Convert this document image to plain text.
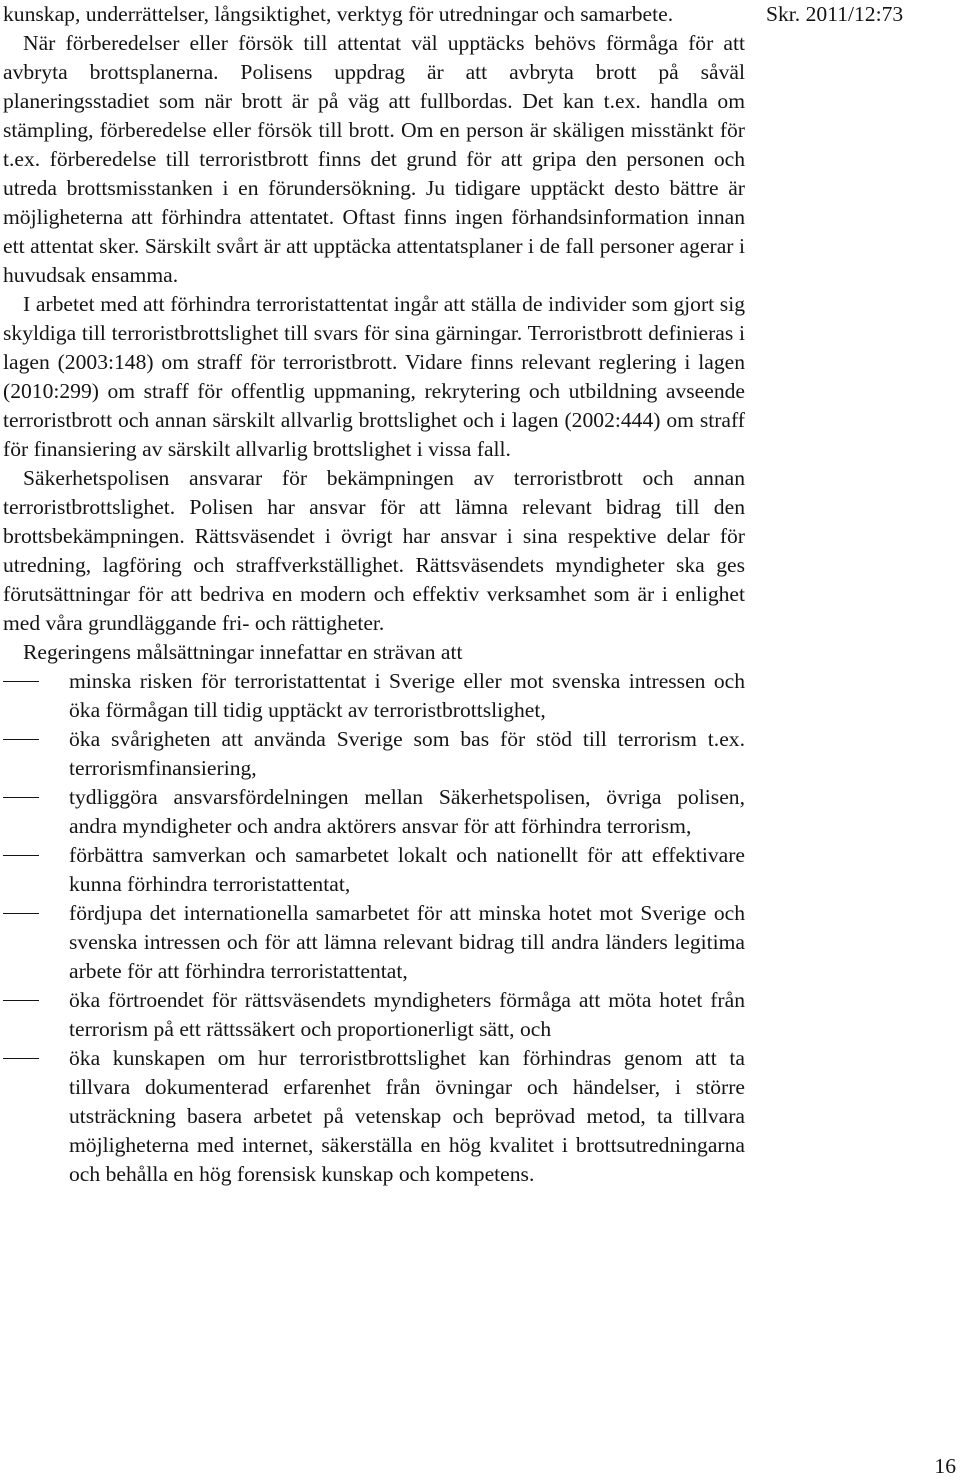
Skr. 2011/12:73

kunskap, underrättelser, långsiktighet, verktyg för utredningar och samarbete.

När förberedelser eller försök till attentat väl upptäcks behövs förmåga för att avbryta brottsplanerna. Polisens uppdrag är att avbryta brott på såväl planeringsstadiet som när brott är på väg att fullbordas. Det kan t.ex. handla om stämpling, förberedelse eller försök till brott. Om en person är skäligen misstänkt för t.ex. förberedelse till terroristbrott finns det grund för att gripa den personen och utreda brottsmisstanken i en förundersökning. Ju tidigare upptäckt desto bättre är möjligheterna att förhindra attentatet. Oftast finns ingen förhandsinformation innan ett attentat sker. Särskilt svårt är att upptäcka attentatsplaner i de fall personer agerar i huvudsak ensamma.

I arbetet med att förhindra terroristattentat ingår att ställa de individer som gjort sig skyldiga till terroristbrottslighet till svars för sina gärningar. Terroristbrott definieras i lagen (2003:148) om straff för terroristbrott. Vidare finns relevant reglering i lagen (2010:299) om straff för offentlig uppmaning, rekrytering och utbildning avseende terroristbrott och annan särskilt allvarlig brottslighet och i lagen (2002:444) om straff för finansiering av särskilt allvarlig brottslighet i vissa fall.

Säkerhetspolisen ansvarar för bekämpningen av terroristbrott och annan terroristbrottslighet. Polisen har ansvar för att lämna relevant bidrag till den brottsbekämpningen. Rättsväsendet i övrigt har ansvar i sina respektive delar för utredning, lagföring och straffverkställighet. Rättsväsendets myndigheter ska ges förutsättningar för att bedriva en modern och effektiv verksamhet som är i enlighet med våra grundläggande fri- och rättigheter.

Regeringens målsättningar innefattar en strävan att

minska risken för terroristattentat i Sverige eller mot svenska intressen och öka förmågan till tidig upptäckt av terroristbrottslighet,
öka svårigheten att använda Sverige som bas för stöd till terrorism t.ex. terrorismfinansiering,
tydliggöra ansvarsfördelningen mellan Säkerhetspolisen, övriga polisen, andra myndigheter och andra aktörers ansvar för att förhindra terrorism,
förbättra samverkan och samarbetet lokalt och nationellt för att effektivare kunna förhindra terroristattentat,
fördjupa det internationella samarbetet för att minska hotet mot Sverige och svenska intressen och för att lämna relevant bidrag till andra länders legitima arbete för att förhindra terroristattentat,
öka förtroendet för rättsväsendets myndigheters förmåga att möta hotet från terrorism på ett rättssäkert och proportionerligt sätt, och
öka kunskapen om hur terroristbrottslighet kan förhindras genom att ta tillvara dokumenterad erfarenhet från övningar och händelser, i större utsträckning basera arbetet på vetenskap och beprövad metod, ta tillvara möjligheterna med internet, säkerställa en hög kvalitet i brottsutredningarna och behålla en hög forensisk kunskap och kompetens.
16
